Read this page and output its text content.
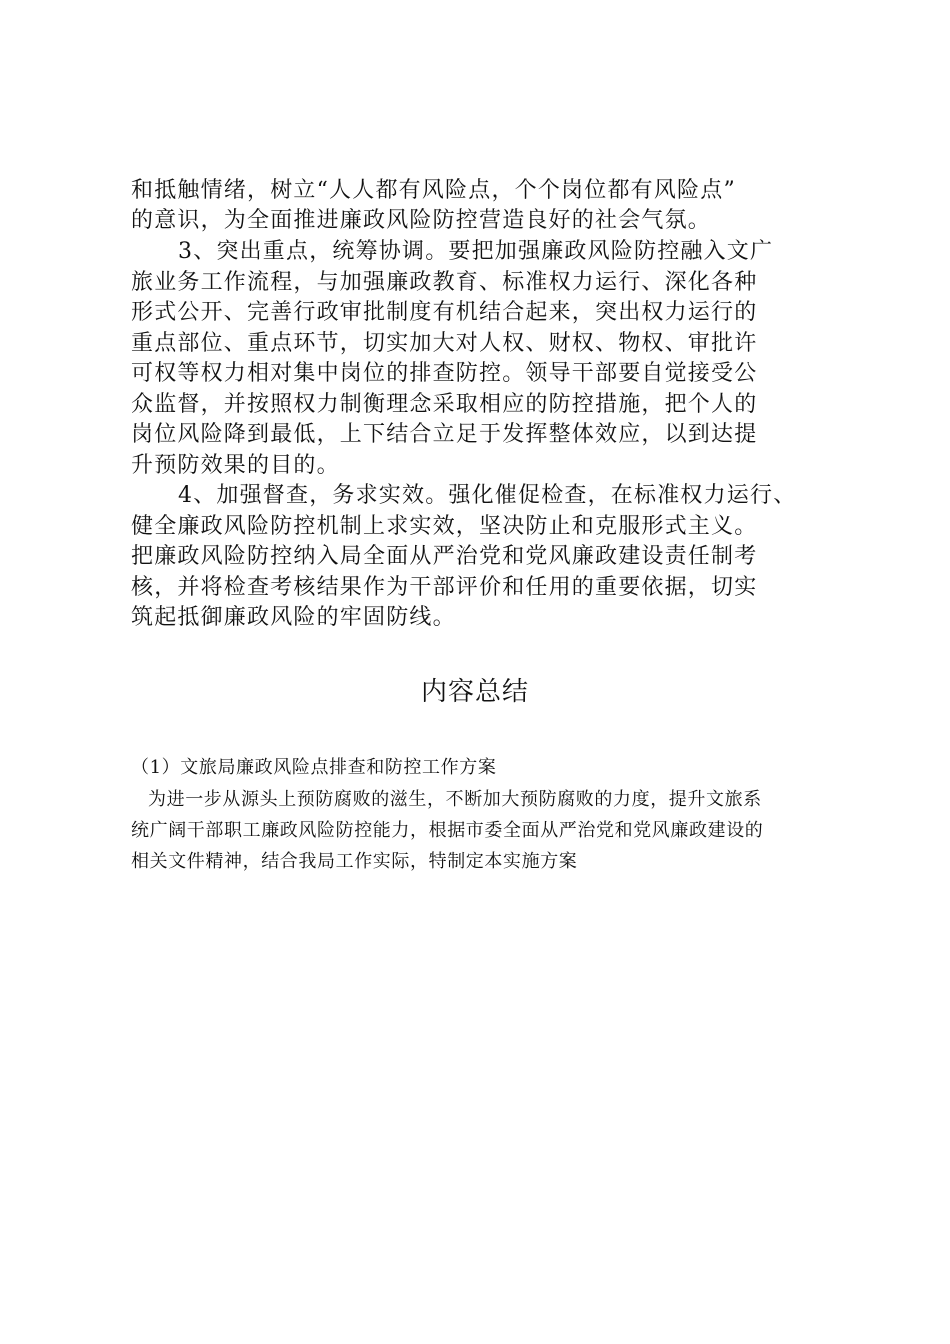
和抵触情绪，树立“人人都有风险点，个个岗位都有风险点”
的意识，为全面推进廉政风险防控营造良好的社会气氛。
3、突出重点，统筹协调。要把加强廉政风险防控融入文广
旅业务工作流程，与加强廉政教育、标准权力运行、深化各种
形式公开、完善行政审批制度有机结合起来，突出权力运行的
重点部位、重点环节，切实加大对人权、财权、物权、审批许
可权等权力相对集中岗位的排查防控。领导干部要自觉接受公
众监督，并按照权力制衡理念采取相应的防控措施，把个人的
岗位风险降到最低，上下结合立足于发挥整体效应，以到达提
升预防效果的目的。
4、加强督查，务求实效。强化催促检查，在标准权力运行、
健全廉政风险防控机制上求实效，坚决防止和克服形式主义。
把廉政风险防控纳入局全面从严治党和党风廉政建设责任制考
核，并将检查考核结果作为干部评价和任用的重要依据，切实
筑起抵御廉政风险的牢固防线。
内容总结
（1）文旅局廉政风险点排查和防控工作方案
为进一步从源头上预防腐败的滋生，不断加大预防腐败的力度，提升文旅系
统广阔干部职工廉政风险防控能力，根据市委全面从严治党和党风廉政建设的
相关文件精神，结合我局工作实际，特制定本实施方案
